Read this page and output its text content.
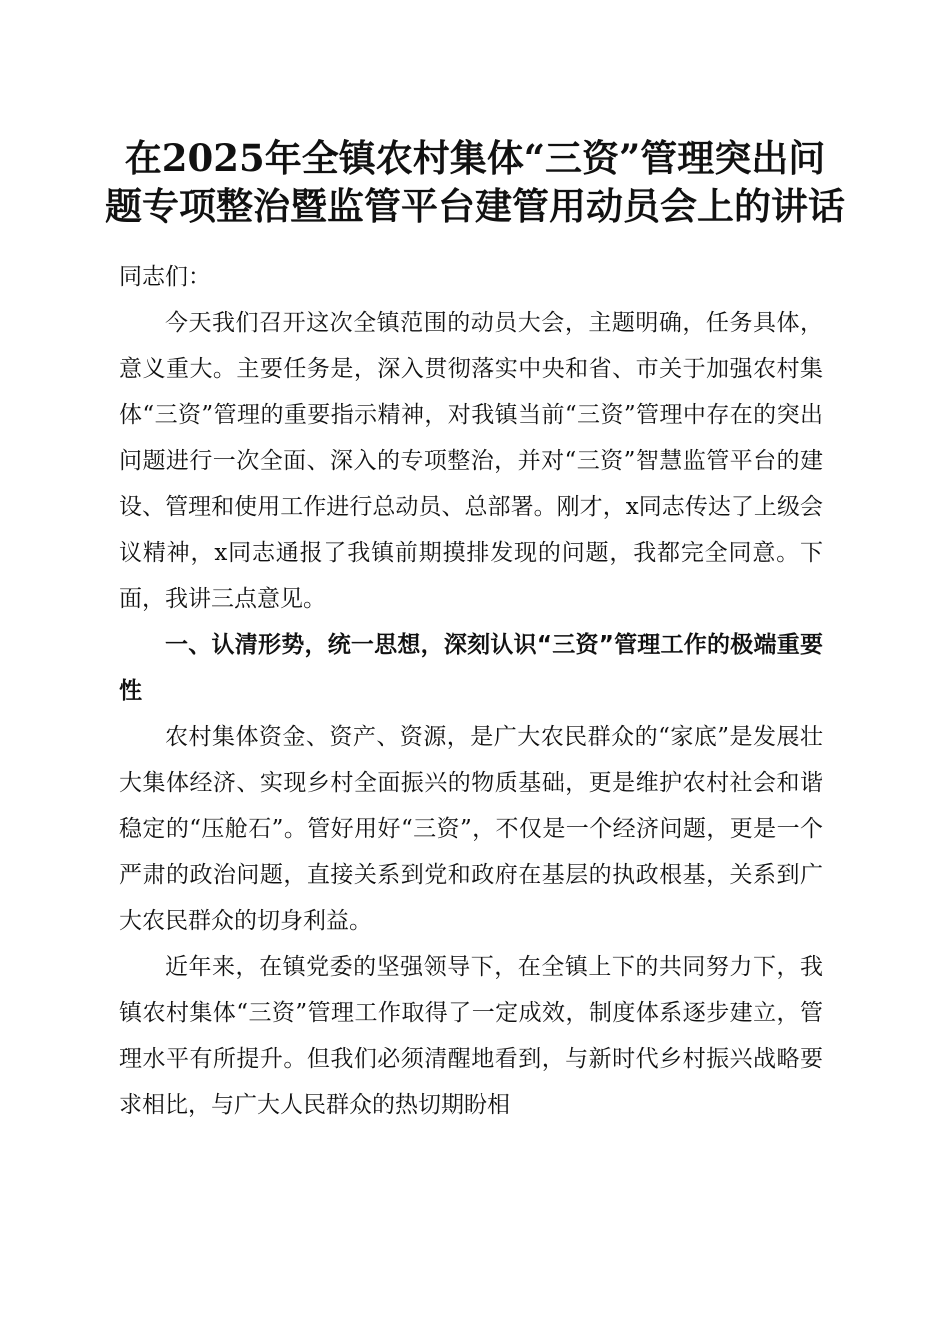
在2025年全镇农村集体“三资”管理突出问
题专项整治暨监管平台建管用动员会上的讲话

同志们：

今天我们召开这次全镇范围的动员大会，主题明确，任务具体，意义重大。主要任务是，深入贯彻落实中央和省、市关于加强农村集体“三资”管理的重要指示精神，对我镇当前“三资”管理中存在的突出问题进行一次全面、深入的专项整治，并对“三资”智慧监管平台的建设、管理和使用工作进行总动员、总部署。刚才，x同志传达了上级会议精神，x同志通报了我镇前期摸排发现的问题，我都完全同意。下面，我讲三点意见。

一、认清形势，统一思想，深刻认识“三资”管理工作的极端重要性

农村集体资金、资产、资源，是广大农民群众的“家底”是发展壮大集体经济、实现乡村全面振兴的物质基础，更是维护农村社会和谐稳定的“压舱石”。管好用好“三资”，不仅是一个经济问题，更是一个严肃的政治问题，直接关系到党和政府在基层的执政根基，关系到广大农民群众的切身利益。

近年来，在镇党委的坚强领导下，在全镇上下的共同努力下，我镇农村集体“三资”管理工作取得了一定成效，制度体系逐步建立，管理水平有所提升。但我们必须清醒地看到，与新时代乡村振兴战略要求相比，与广大人民群众的热切期盼相
